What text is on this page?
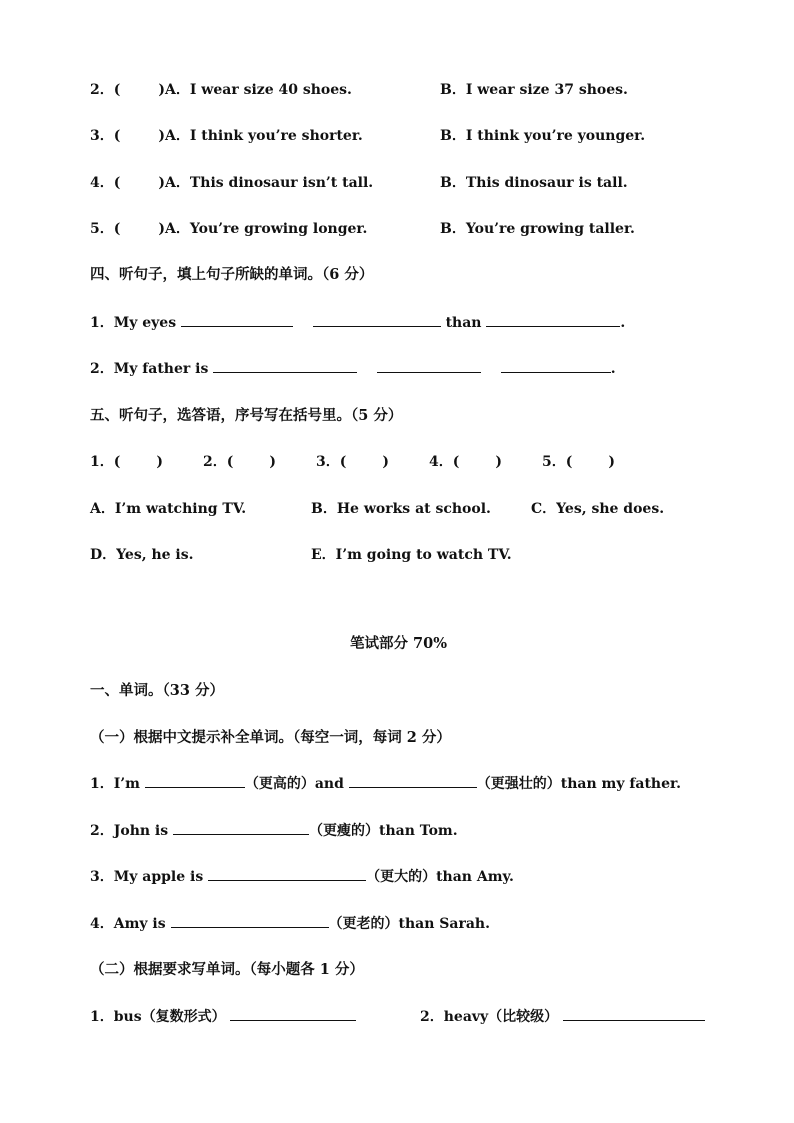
2．(	)A．I wear size 40 shoes.	B．I wear size 37 shoes.
3．(	)A．I think you’re shorter.	B．I think you’re younger.
4．(	)A．This dinosaur isn’t tall.	B．This dinosaur is tall.
5．(	)A．You’re growing longer.	B．You’re growing taller.
四、听句子，填上句子所缺的单词。（6 分）
1．My eyes	than	.
2．My father is	.
五、听句子，选答语，序号写在括号里。（5 分）
1．(	)	2．(	)	3．(	)	4．(	)	5．(	)
A．I’m watching TV.	B．He works at school.	C．Yes, she does.
D．Yes, he is.	E．I’m going to watch TV.
笔试部分 70%
一、单词。（33 分）
（一）根据中文提示补全单词。（每空一词，每词 2 分）
1．I’m	（更高的）and	（更强壮的）than my father.
2．John is	（更瘦的）than Tom.
3．My apple is	（更大的）than Amy.
4．Amy is	（更老的）than Sarah.
（二）根据要求写单词。（每小题各 1 分）
1．bus（复数形式）	2．heavy（比较级）
